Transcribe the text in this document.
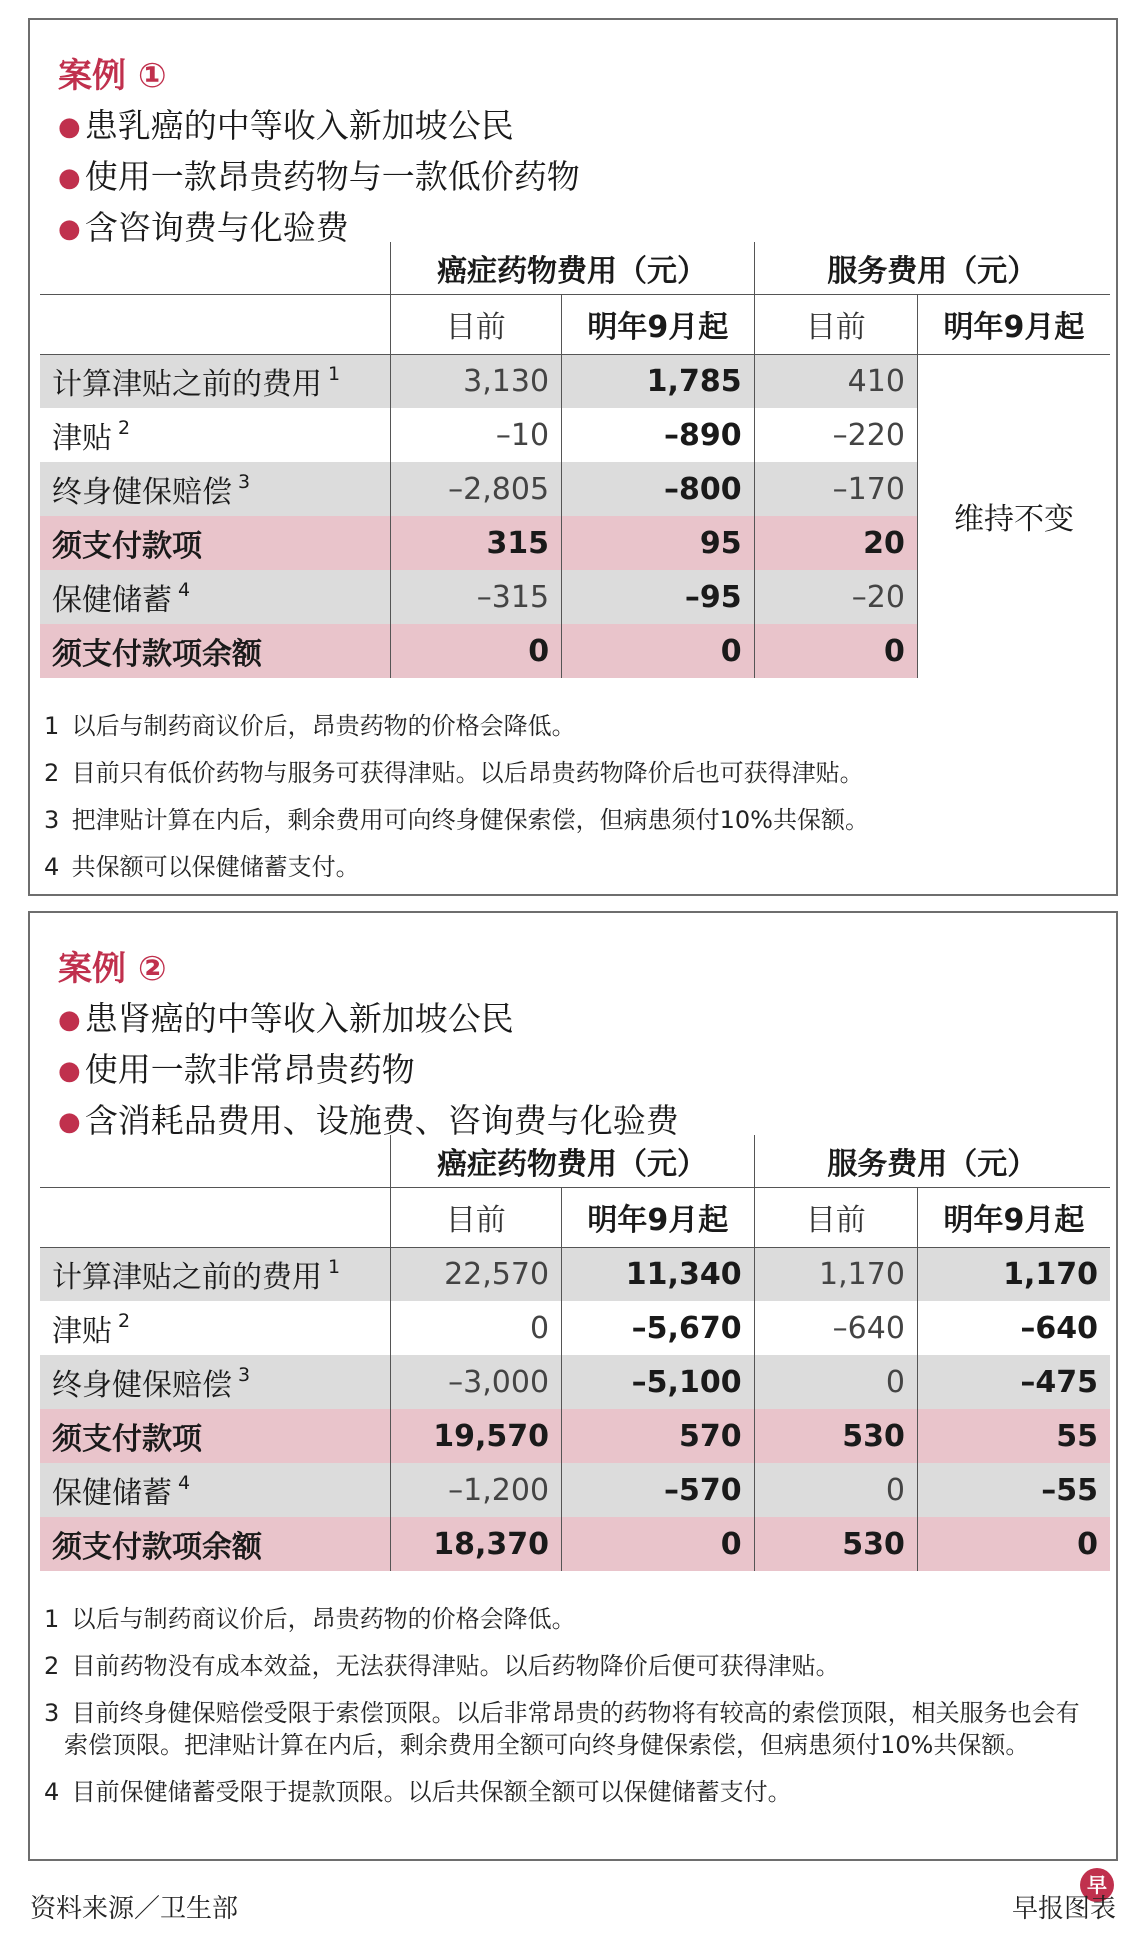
案例 ①
● 患乳癌的中等收入新加坡公民
● 使用一款昂贵药物与一款低价药物
● 含咨询费与化验费
	癌症药物费用（元）		服务费用（元）	
	目前	明年9月起	目前	明年9月起
计算津贴之前的费用 $^1$	3,130	1,785	410	维持不变
津贴 $^2$	–10	–890	–220	
终身健保赔偿 $^3$	–2,805	–800	–170	
须支付款项	315	95	20	
保健储蓄 $^4$	–315	–95	–20	
须支付款项余额	0	0	0	
1 以后与制药商议价后，昂贵药物的价格会降低。
2 目前只有低价药物与服务可获得津贴。以后昂贵药物降价后也可获得津贴。
3 把津贴计算在内后，剩余费用可向终身健保索偿，但病患须付10%共保额。
4 共保额可以保健储蓄支付。
案例 ②
● 患肾癌的中等收入新加坡公民
● 使用一款非常昂贵药物
● 含消耗品费用、设施费、咨询费与化验费
	癌症药物费用（元）		服务费用（元）	
	目前	明年9月起	目前	明年9月起
计算津贴之前的费用 $^1$	22,570	11,340	1,170	1,170
津贴 $^2$	0	–5,670	–640	–640
终身健保赔偿 $^3$	–3,000	–5,100	0	–475
须支付款项	19,570	570	530	55
保健储蓄 $^4$	–1,200	–570	0	–55
须支付款项余额	18,370	0	530	0
1 以后与制药商议价后，昂贵药物的价格会降低。
2 目前药物没有成本效益，无法获得津贴。以后药物降价后便可获得津贴。
3 目前终身健保赔偿受限于索偿顶限。以后非常昂贵的药物将有较高的索偿顶限，相关服务也会有索偿顶限。把津贴计算在内后，剩余费用全额可向终身健保索偿，但病患须付10%共保额。
4 目前保健储蓄受限于提款顶限。以后共保额全额可以保健储蓄支付。
资料来源／卫生部
早
早报图表
